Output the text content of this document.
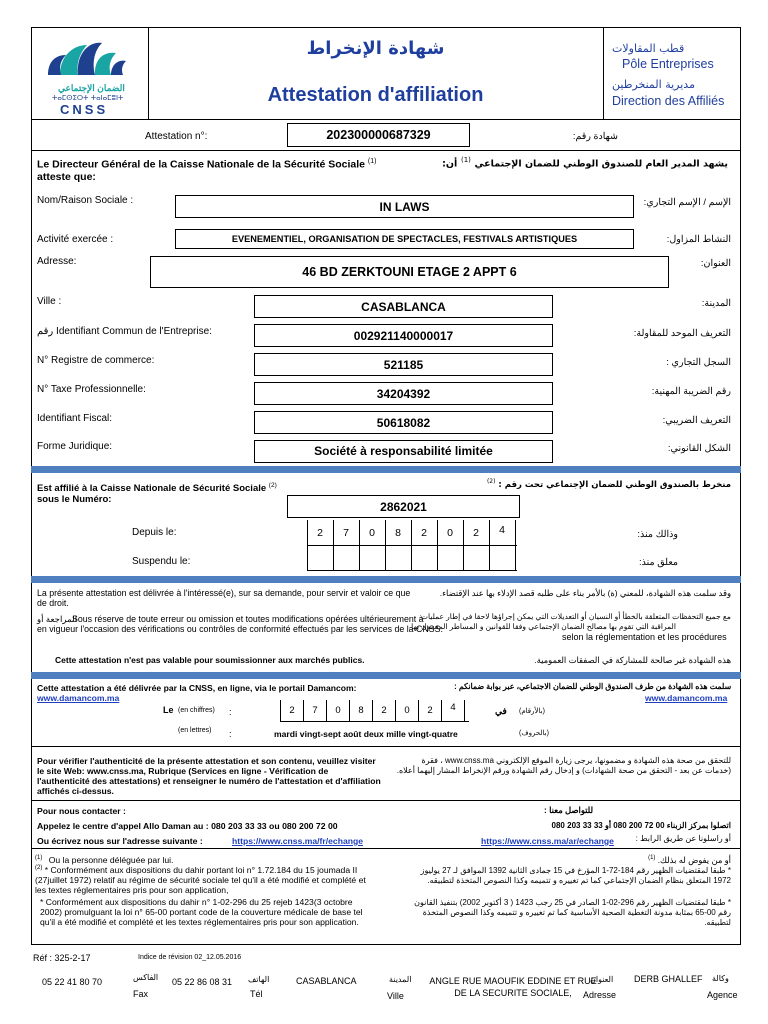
الضمان الإجتماعي
ⵜⴰⵎⵙⵉⵔⵜ ⵜⴰⵏⴰⵎⵓⵏⵜ
CNSS
شهادة الإنخراط
Attestation d'affiliation
قطب المقاولات
Pôle Entreprises
مديرية المنخرطين
Direction des Affiliés
Attestation n°:	202300000687329	شهادة رقم:
Le Directeur Général de la Caisse Nationale de la Sécurité Sociale $^{(1)}$
atteste que:
يشهد المدير العام للصندوق الوطني للضمان الإجتماعي $^{(1)}$ أن:
Nom/Raison Sociale :	IN LAWS	الإسم / الإسم التجاري:
Activité exercée :	EVENEMENTIEL, ORGANISATION DE SPECTACLES, FESTIVALS ARTISTIQUES	النشاط المزاول:
Adresse:
46 BD ZERKTOUNI ETAGE 2 APPT 6
العنوان:
Ville :	CASABLANCA	المدينة:
رقم Identifiant Commun de l'Entreprise:	002921140000017	التعريف الموحد للمقاولة:
N° Registre de commerce:	521185	السجل التجاري :
N° Taxe Professionnelle:	34204392	رقم الضريبة المهنية:
Identifiant Fiscal:	50618082	التعريف الضريبي:
Forme Juridique:	Société à responsabilité limitée	الشكل القانوني:
Est affilié à la Caisse Nationale de Sécurité Sociale $^{(2)}$
sous le Numéro:
منخرط بالصندوق الوطني للضمان الإجتماعي تحت رقم : $^{(2)}$
2862021
Depuis le:	وذالك منذ:
Suspendu le:	معلق منذ:
2	7	0	8	2	0	2	4
La présente attestation est délivrée à l'intéressé(e), sur sa demande, pour servir et valoir ce que de droit.
وقد سلمت هذه الشهادة، للمعني (ة) بالأمر بناء على طلبه قصد الإدلاء بها عند الإقتضاء.
Sous réserve de toute erreur ou omission et toutes modifications opérées ultérieurement à
en vigueur l'occasion des vérifications ou contrôles de conformité effectués par les services de la CNSS.
المراجعة أو	مع جميع التحفظات المتعلقة بالخطأ أو النسيان أو التعديلات التي يمكن إجراؤها لاحقا في إطار عمليات
المراقبة التي تقوم بها مصالح الضمان الإجتماعي وفقا للقوانين و المساطر المعمول بها
selon la réglementation et les procédures
Cette attestation n'est pas valable pour soumissionner aux marchés publics.	هذه الشهادة غير صالحة للمشاركة في الصفقات العمومية.
Cette attestation a été délivrée par la CNSS, en ligne, via le portail Damancom:	سلمت هذه الشهادة من طرف الصندوق الوطني للضمان الاجتماعي، عبر بوابة ضمانكم :
www.damancom.ma	www.damancom.ma
Le (en chiffres) :	في (بالأرقام)
2	7	0	8	2	0	2	4
(en lettres) :	mardi vingt-sept août deux mille vingt-quatre	(بالحروف)
Pour vérifier l'authenticité de la présente attestation et son contenu, veuillez visiter le site Web: www.cnss.ma, Rubrique (Services en ligne - Vérification de l'authenticité des attestations) et renseigner le numéro de l'attestation et d'affiliation affichés ci-dessus.
للتحقق من صحة هذه الشهادة و مضمونها، يرجى زيارة الموقع الإلكتروني www.cnss.ma ، فقرة (خدمات عن بعد - التحقق من صحة الشهادات) و إدخال رقم الشهادة ورقم الإنخراط المشار إليهما أعلاه.
Pour nous contacter :	للتواصل معنا :
Appelez le centre d'appel Allo Daman au : 080 203 33 33 ou 080 200 72 00	اتصلوا بمركز الزبناء 00 72 200 080 أو 33 33 203 080
Ou écrivez nous sur l'adresse suivante :	https://www.cnss.ma/fr/echange	أو راسلونا عن طريق الرابط :
https://www.cnss.ma/ar/echange
$^{(1)}$ Ou la personne déléguée par lui.
$^{(2)}$ * Conformément aux dispositions du dahir portant loi n° 1.72.184 du 15 joumada II (27juillet 1972) relatif au régime de sécurité sociale tel qu'il a été modifié et complété et les textes réglementaires pris pour son application,
* Conformément aux dispositions du dahir n° 1-02-296 du 25 rejeb 1423(3 octobre 2002) promulguant la loi n° 65-00 portant code de la couverture médicale de base tel qu'il a été modifié et complété et les textes réglementaires pris pour son application.
أو من يفوض له بذلك. $^{(1)}$
* طبقا لمقتضيات الظهير رقم 184-72-1 المؤرخ في 15 جمادى الثانية 1392 الموافق لـ 27 يوليوز 1972 المتعلق بنظام الضمان الإجتماعي كما تم تغييره و تتميمه وكذا النصوص المتخذة لتطبيقه.
* طبقا لمقتضيات الظهير رقم 296-02-1 الصادر في 25 رجب 1423 ( 3 أكتوبر 2002) بتنفيذ القانون رقم 00-65 بمثابة مدونة التغطية الصحية الأساسية كما تم تغييره و تتميمه وكذا النصوص المتخذة لتطبيقه.
Réf : 325-2-17	Indice de révision 02_12.05.2016
05 22 41 80 70	الفاكس
Fax
05 22 86 08 31 الهاتف
Tél
CASABLANCA	المدينة
Ville
ANGLE RUE MAOUFIK EDDINE ET RUE DE LA SECURITE SOCIALE,
العنوان
Adresse
DERB GHALLEF وكالة
Agence
